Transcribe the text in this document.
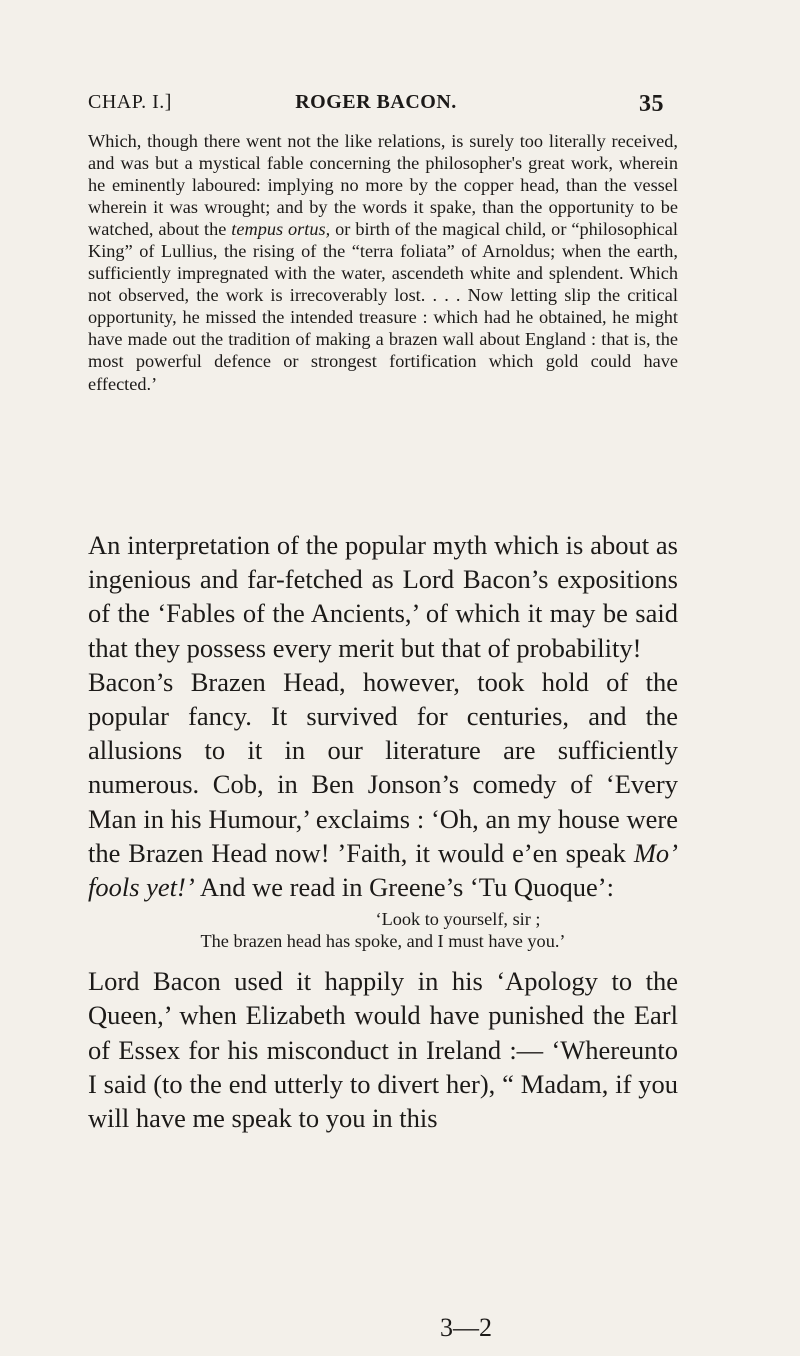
CHAP. I.]	ROGER BACON.	35

Which, though there went not the like relations, is surely too literally received, and was but a mystical fable concerning the philosopher's great work, wherein he eminently laboured: implying no more by the copper head, than the vessel wherein it was wrought; and by the words it spake, than the opportunity to be watched, about the tempus ortus, or birth of the magical child, or “philosophical King” of Lullius, the rising of the “terra foliata” of Arnoldus; when the earth, sufficiently impregnated with the water, ascendeth white and splendent. Which not observed, the work is irrecoverably lost. . . . Now letting slip the critical opportunity, he missed the intended treasure : which had he obtained, he might have made out the tradition of making a brazen wall about England : that is, the most powerful defence or strongest fortification which gold could have effected.’

An interpretation of the popular myth which is about as ingenious and far-fetched as Lord Bacon’s expositions of the ‘Fables of the Ancients,’ of which it may be said that they possess every merit but that of probability!

Bacon’s Brazen Head, however, took hold of the popular fancy. It survived for centuries, and the allusions to it in our literature are sufficiently numerous. Cob, in Ben Jonson’s comedy of ‘Every Man in his Humour,’ exclaims : ‘Oh, an my house were the Brazen Head now! ’Faith, it would e’en speak Mo’ fools yet!’ And we read in Greene’s ‘Tu Quoque’:

‘Look to yourself, sir ;
The brazen head has spoke, and I must have you.’

Lord Bacon used it happily in his ‘Apology to the Queen,’ when Elizabeth would have punished the Earl of Essex for his misconduct in Ireland :— ‘Whereunto I said (to the end utterly to divert her), “ Madam, if you will have me speak to you in this

3—2
